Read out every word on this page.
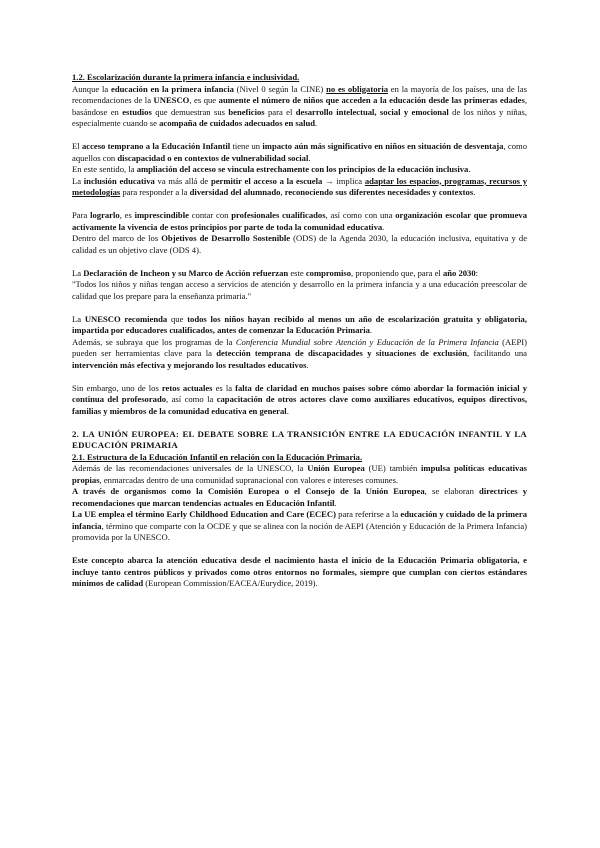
1.2. Escolarización durante la primera infancia e inclusividad.

Aunque la educación en la primera infancia (Nivel 0 según la CINE) no es obligatoria en la mayoría de los países, una de las recomendaciones de la UNESCO, es que aumente el número de niños que acceden a la educación desde las primeras edades, basándose en estudios que demuestran sus beneficios para el desarrollo intelectual, social y emocional de los niños y niñas, especialmente cuando se acompaña de cuidados adecuados en salud.

El acceso temprano a la Educación Infantil tiene un impacto aún más significativo en niños en situación de desventaja, como aquellos con discapacidad o en contextos de vulnerabilidad social.

En este sentido, la ampliación del acceso se vincula estrechamente con los principios de la educación inclusiva.

La inclusión educativa va más allá de permitir el acceso a la escuela → implica adaptar los espacios, programas, recursos y metodologías para responder a la diversidad del alumnado, reconociendo sus diferentes necesidades y contextos.

Para lograrlo, es imprescindible contar con profesionales cualificados, así como con una organización escolar que promueva activamente la vivencia de estos principios por parte de toda la comunidad educativa.

Dentro del marco de los Objetivos de Desarrollo Sostenible (ODS) de la Agenda 2030, la educación inclusiva, equitativa y de calidad es un objetivo clave (ODS 4).

La Declaración de Incheon y su Marco de Acción refuerzan este compromiso, proponiendo que, para el año 2030:

"Todos los niños y niñas tengan acceso a servicios de atención y desarrollo en la primera infancia y a una educación preescolar de calidad que los prepare para la enseñanza primaria."

La UNESCO recomienda que todos los niños hayan recibido al menos un año de escolarización gratuita y obligatoria, impartida por educadores cualificados, antes de comenzar la Educación Primaria.

Además, se subraya que los programas de la Conferencia Mundial sobre Atención y Educación de la Primera Infancia (AEPI) pueden ser herramientas clave para la detección temprana de discapacidades y situaciones de exclusión, facilitando una intervención más efectiva y mejorando los resultados educativos.

Sin embargo, uno de los retos actuales es la falta de claridad en muchos países sobre cómo abordar la formación inicial y continua del profesorado, así como la capacitación de otros actores clave como auxiliares educativos, equipos directivos, familias y miembros de la comunidad educativa en general.

2. LA UNIÓN EUROPEA: EL DEBATE SOBRE LA TRANSICIÓN ENTRE LA EDUCACIÓN INFANTIL Y LA EDUCACIÓN PRIMARIA

2.1. Estructura de la Educación Infantil en relación con la Educación Primaria.

Además de las recomendaciones universales de la UNESCO, la Unión Europea (UE) también impulsa políticas educativas propias, enmarcadas dentro de una comunidad supranacional con valores e intereses comunes.

A través de organismos como la Comisión Europea o el Consejo de la Unión Europea, se elaboran directrices y recomendaciones que marcan tendencias actuales en Educación Infantil.

La UE emplea el término Early Childhood Education and Care (ECEC) para referirse a la educación y cuidado de la primera infancia, término que comparte con la OCDE y que se alinea con la noción de AEPI (Atención y Educación de la Primera Infancia) promovida por la UNESCO.

Este concepto abarca la atención educativa desde el nacimiento hasta el inicio de la Educación Primaria obligatoria, e incluye tanto centros públicos y privados como otros entornos no formales, siempre que cumplan con ciertos estándares mínimos de calidad (European Commission/EACEA/Eurydice, 2019).
